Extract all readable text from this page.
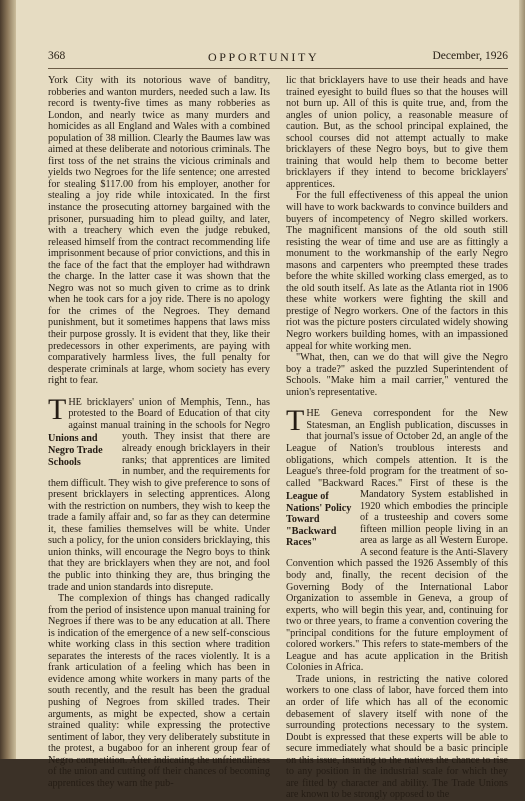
368	OPPORTUNITY	December, 1926

York City with its notorious wave of banditry, robberies and wanton murders, needed such a law. Its record is twenty-five times as many robberies as London, and nearly twice as many murders and homicides as all England and Wales with a combined population of 38 million. Clearly the Baumes law was aimed at these deliberate and notorious criminals. The first toss of the net strains the vicious criminals and yields two Negroes for the life sentence; one arrested for stealing $117.00 from his employer, another for stealing a joy ride while intoxicated. In the first instance the prosecuting attorney bargained with the prisoner, pursuading him to plead guilty, and later, with a treachery which even the judge rebuked, released himself from the contract recommending life imprisonment because of prior convictions, and this in the face of the fact that the employer had withdrawn the charge. In the latter case it was shown that the Negro was not so much given to crime as to drink when he took cars for a joy ride. There is no apology for the crimes of the Negroes. They demand punishment, but it sometimes happens that laws miss their purpose grossly. It is evident that they, like their predecessors in other experiments, are paying with comparatively harmless lives, the full penalty for desperate criminals at large, whom society has every right to fear.

T HE bricklayers' union of Memphis, Tenn., has protested to the Board of Education of that city against manual training in the schools for Negro youth. They insist that there are
Unions and Negro Trade Schools
already enough bricklayers in their ranks; that apprentices are limited in number, and the requirements for them difficult. They wish to give preference to sons of present bricklayers in selecting apprentices. Along with the restriction on numbers, they wish to keep the trade a family affair and, so far as they can determine it, these families themselves will be white. Under such a policy, for the union considers bricklaying, this union thinks, will encourage the Negro boys to think that they are bricklayers when they are not, and fool the public into thinking they are, thus bringing the trade and union standards into disrepute.

The complexion of things has changed radically from the period of insistence upon manual training for Negroes if there was to be any education at all. There is indication of the emergence of a new self-conscious white working class in this section where tradition separates the interests of the races violently. It is a frank articulation of a feeling which has been in evidence among white workers in many parts of the south recently, and the result has been the gradual pushing of Negroes from skilled trades. Their arguments, as might be expected, show a certain strained quality: while expressing the protective sentiment of labor, they very deliberately substitute in the protest, a bugaboo for an inherent group fear of Negro competition. After indicating the unfriendliness of the union and cutting off their chances of becoming apprentices they warn the pub-

lic that bricklayers have to use their heads and have trained eyesight to build flues so that the houses will not burn up. All of this is quite true, and, from the angles of union policy, a reasonable measure of caution. But, as the school principal explained, the school courses did not attempt actually to make bricklayers of these Negro boys, but to give them training that would help them to become better bricklayers if they intend to become bricklayers' apprentices.

For the full effectiveness of this appeal the union will have to work backwards to convince builders and buyers of incompetency of Negro skilled workers. The magnificent mansions of the old south still resisting the wear of time and use are as fittingly a monument to the workmanship of the early Negro masons and carpenters who preempted these trades before the white skilled working class emerged, as to the old south itself. As late as the Atlanta riot in 1906 these white workers were fighting the skill and prestige of Negro workers. One of the factors in this riot was the picture posters circulated widely showing Negro workers building homes, with an impassioned appeal for white working men.

"What, then, can we do that will give the Negro boy a trade?" asked the puzzled Superintendent of Schools. "Make him a mail carrier," ventured the union's representative.

T HE Geneva correspondent for the New Statesman, an English publication, discusses in that journal's issue of October 2d, an angle of the League of Nation's troublous interests and obligations, which compels attention. It is the League's three-fold program for the treatment of so-called "Backward Races." First of these is the
League of Nations' Policy Toward "Backward Races"
Mandatory System established in 1920 which embodies the principle of a trusteeship and covers some fifteen million people living in an area as large as all Western Europe. A second feature is the Anti-Slavery Convention which passed the 1926 Assembly of this body and, finally, the recent decision of the Governing Body of the International Labor Organization to assemble in Geneva, a group of experts, who will begin this year, and, continuing for two or three years, to frame a convention covering the "principal conditions for the future employment of colored workers." This refers to state-members of the League and has acute application in the British Colonies in Africa.

Trade unions, in restricting the native colored workers to one class of labor, have forced them into an order of life which has all of the economic debasement of slavery itself with none of the surrounding protections necessary to the system. Doubt is expressed that these experts will be able to secure immediately what should be a basic principle on this issue, insuring to the natives the chance to rise to any position in the industrial scale for which they are fitted by character and ability. The Trade Unions are known to be strongly opposed to the
